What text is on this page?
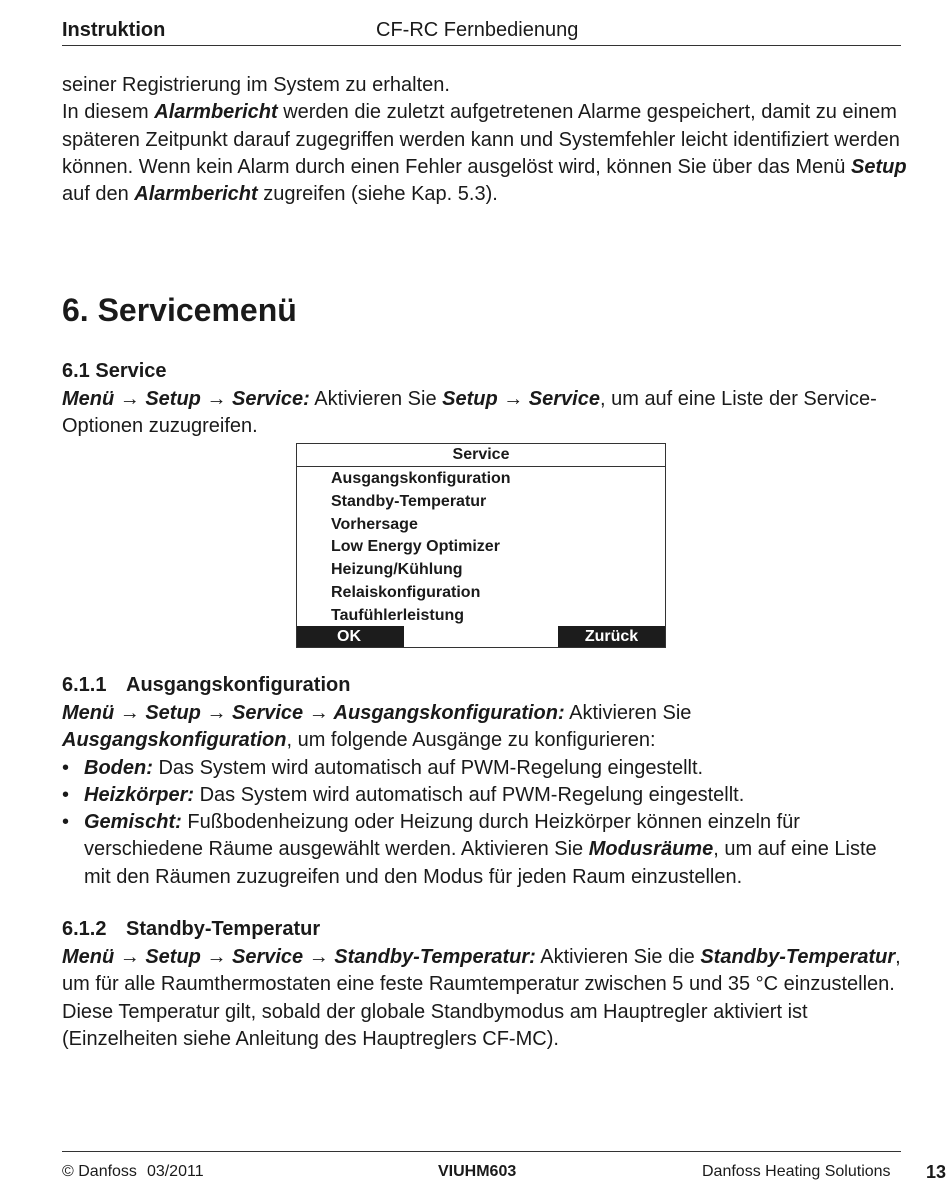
Instruktion	CF-RC Fernbedienung

seiner Registrierung im System zu erhalten.

In diesem Alarmbericht werden die zuletzt aufgetretenen Alarme gespeichert, damit zu einem späteren Zeitpunkt darauf zugegriffen werden kann und Systemfehler leicht identifiziert werden können. Wenn kein Alarm durch einen Fehler ausgelöst wird, können Sie über das Menü Setup auf den Alarmbericht zugreifen (siehe Kap. 5.3).

6. Servicemenü
6.1 Service

Menü → Setup → Service: Aktivieren Sie Setup → Service, um auf eine Liste der Service-Optionen zuzugreifen.

Service
Ausgangskonfiguration
Standby-Temperatur
Vorhersage
Low Energy Optimizer
Heizung/Kühlung
Relaiskonfiguration
Taufühlerleistung
OK	Zurück
6.1.1 Ausgangskonfiguration

Menü → Setup → Service → Ausgangskonfiguration: Aktivieren Sie Ausgangskonfiguration, um folgende Ausgänge zu konfigurieren:

• Boden: Das System wird automatisch auf PWM-Regelung eingestellt.
• Heizkörper: Das System wird automatisch auf PWM-Regelung eingestellt.
• Gemischt: Fußbodenheizung oder Heizung durch Heizkörper können einzeln für verschiedene Räume ausgewählt werden. Aktivieren Sie Modusräume, um auf eine Liste mit den Räumen zuzugreifen und den Modus für jeden Raum einzustellen.
6.1.2 Standby-Temperatur

Menü → Setup → Service → Standby-Temperatur: Aktivieren Sie die Standby-Temperatur, um für alle Raumthermostaten eine feste Raumtemperatur zwischen 5 und 35 °C einzustellen. Diese Temperatur gilt, sobald der globale Standbymodus am Hauptregler aktiviert ist (Einzelheiten siehe Anleitung des Hauptreglers CF-MC).

© Danfoss 03/2011	VIUHM603	Danfoss Heating Solutions 13
